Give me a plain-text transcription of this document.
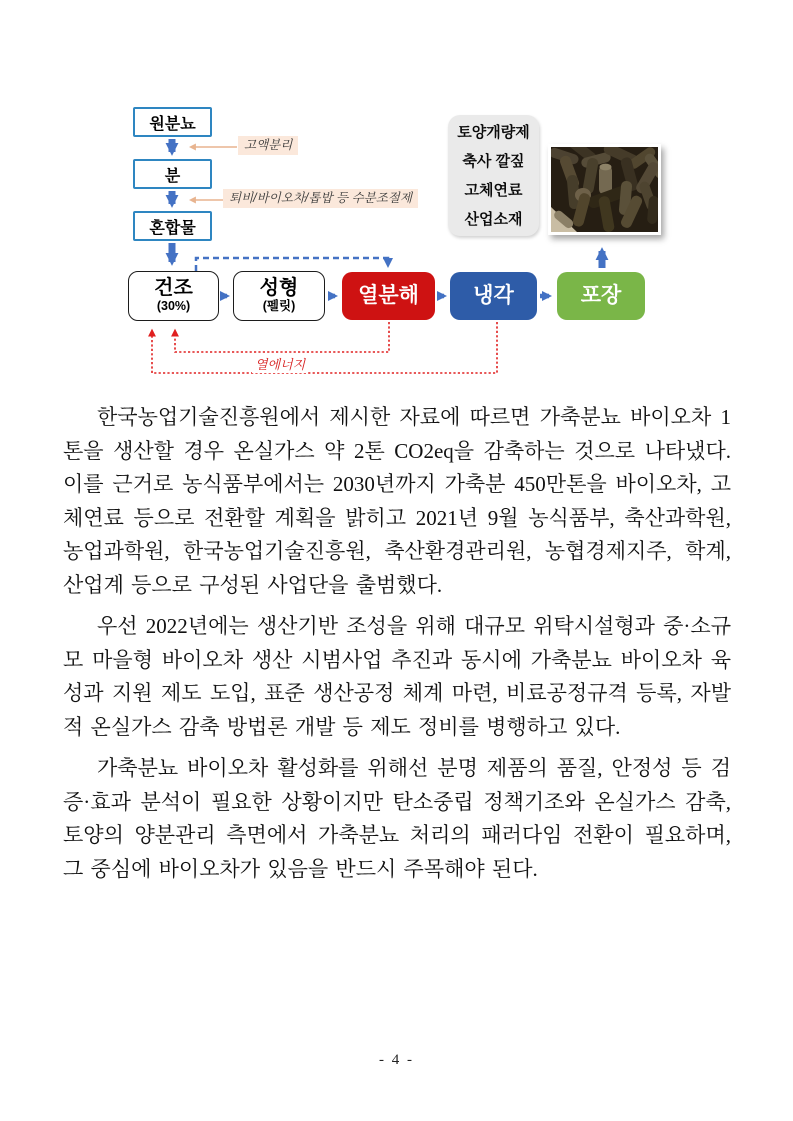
원분뇨
분
혼합물
고액분리
퇴비/바이오차/톱밥 등 수분조절제
건조
(30%)
성형
(펠릿)	열분해	냉각	포장
열에너지
토양개량제
축사 깔짚
고체연료
산업소재

한국농업기술진흥원에서 제시한 자료에 따르면 가축분뇨 바이오차 1톤을 생산할 경우 온실가스 약 2톤 CO2eq을 감축하는 것으로 나타냈다. 이를 근거로 농식품부에서는 2030년까지 가축분 450만톤을 바이오차, 고체연료 등으로 전환할 계획을 밝히고 2021년 9월 농식품부, 축산과학원, 농업과학원, 한국농업기술진흥원, 축산환경관리원, 농협경제지주, 학계, 산업계 등으로 구성된 사업단을 출범했다.

우선 2022년에는 생산기반 조성을 위해 대규모 위탁시설형과 중·소규모 마을형 바이오차 생산 시범사업 추진과 동시에 가축분뇨 바이오차 육성과 지원 제도 도입, 표준 생산공정 체계 마련, 비료공정규격 등록, 자발적 온실가스 감축 방법론 개발 등 제도 정비를 병행하고 있다.

가축분뇨 바이오차 활성화를 위해선 분명 제품의 품질, 안정성 등 검증·효과 분석이 필요한 상황이지만 탄소중립 정책기조와 온실가스 감축, 토양의 양분관리 측면에서 가축분뇨 처리의 패러다임 전환이 필요하며, 그 중심에 바이오차가 있음을 반드시 주목해야 된다.

- 4 -
